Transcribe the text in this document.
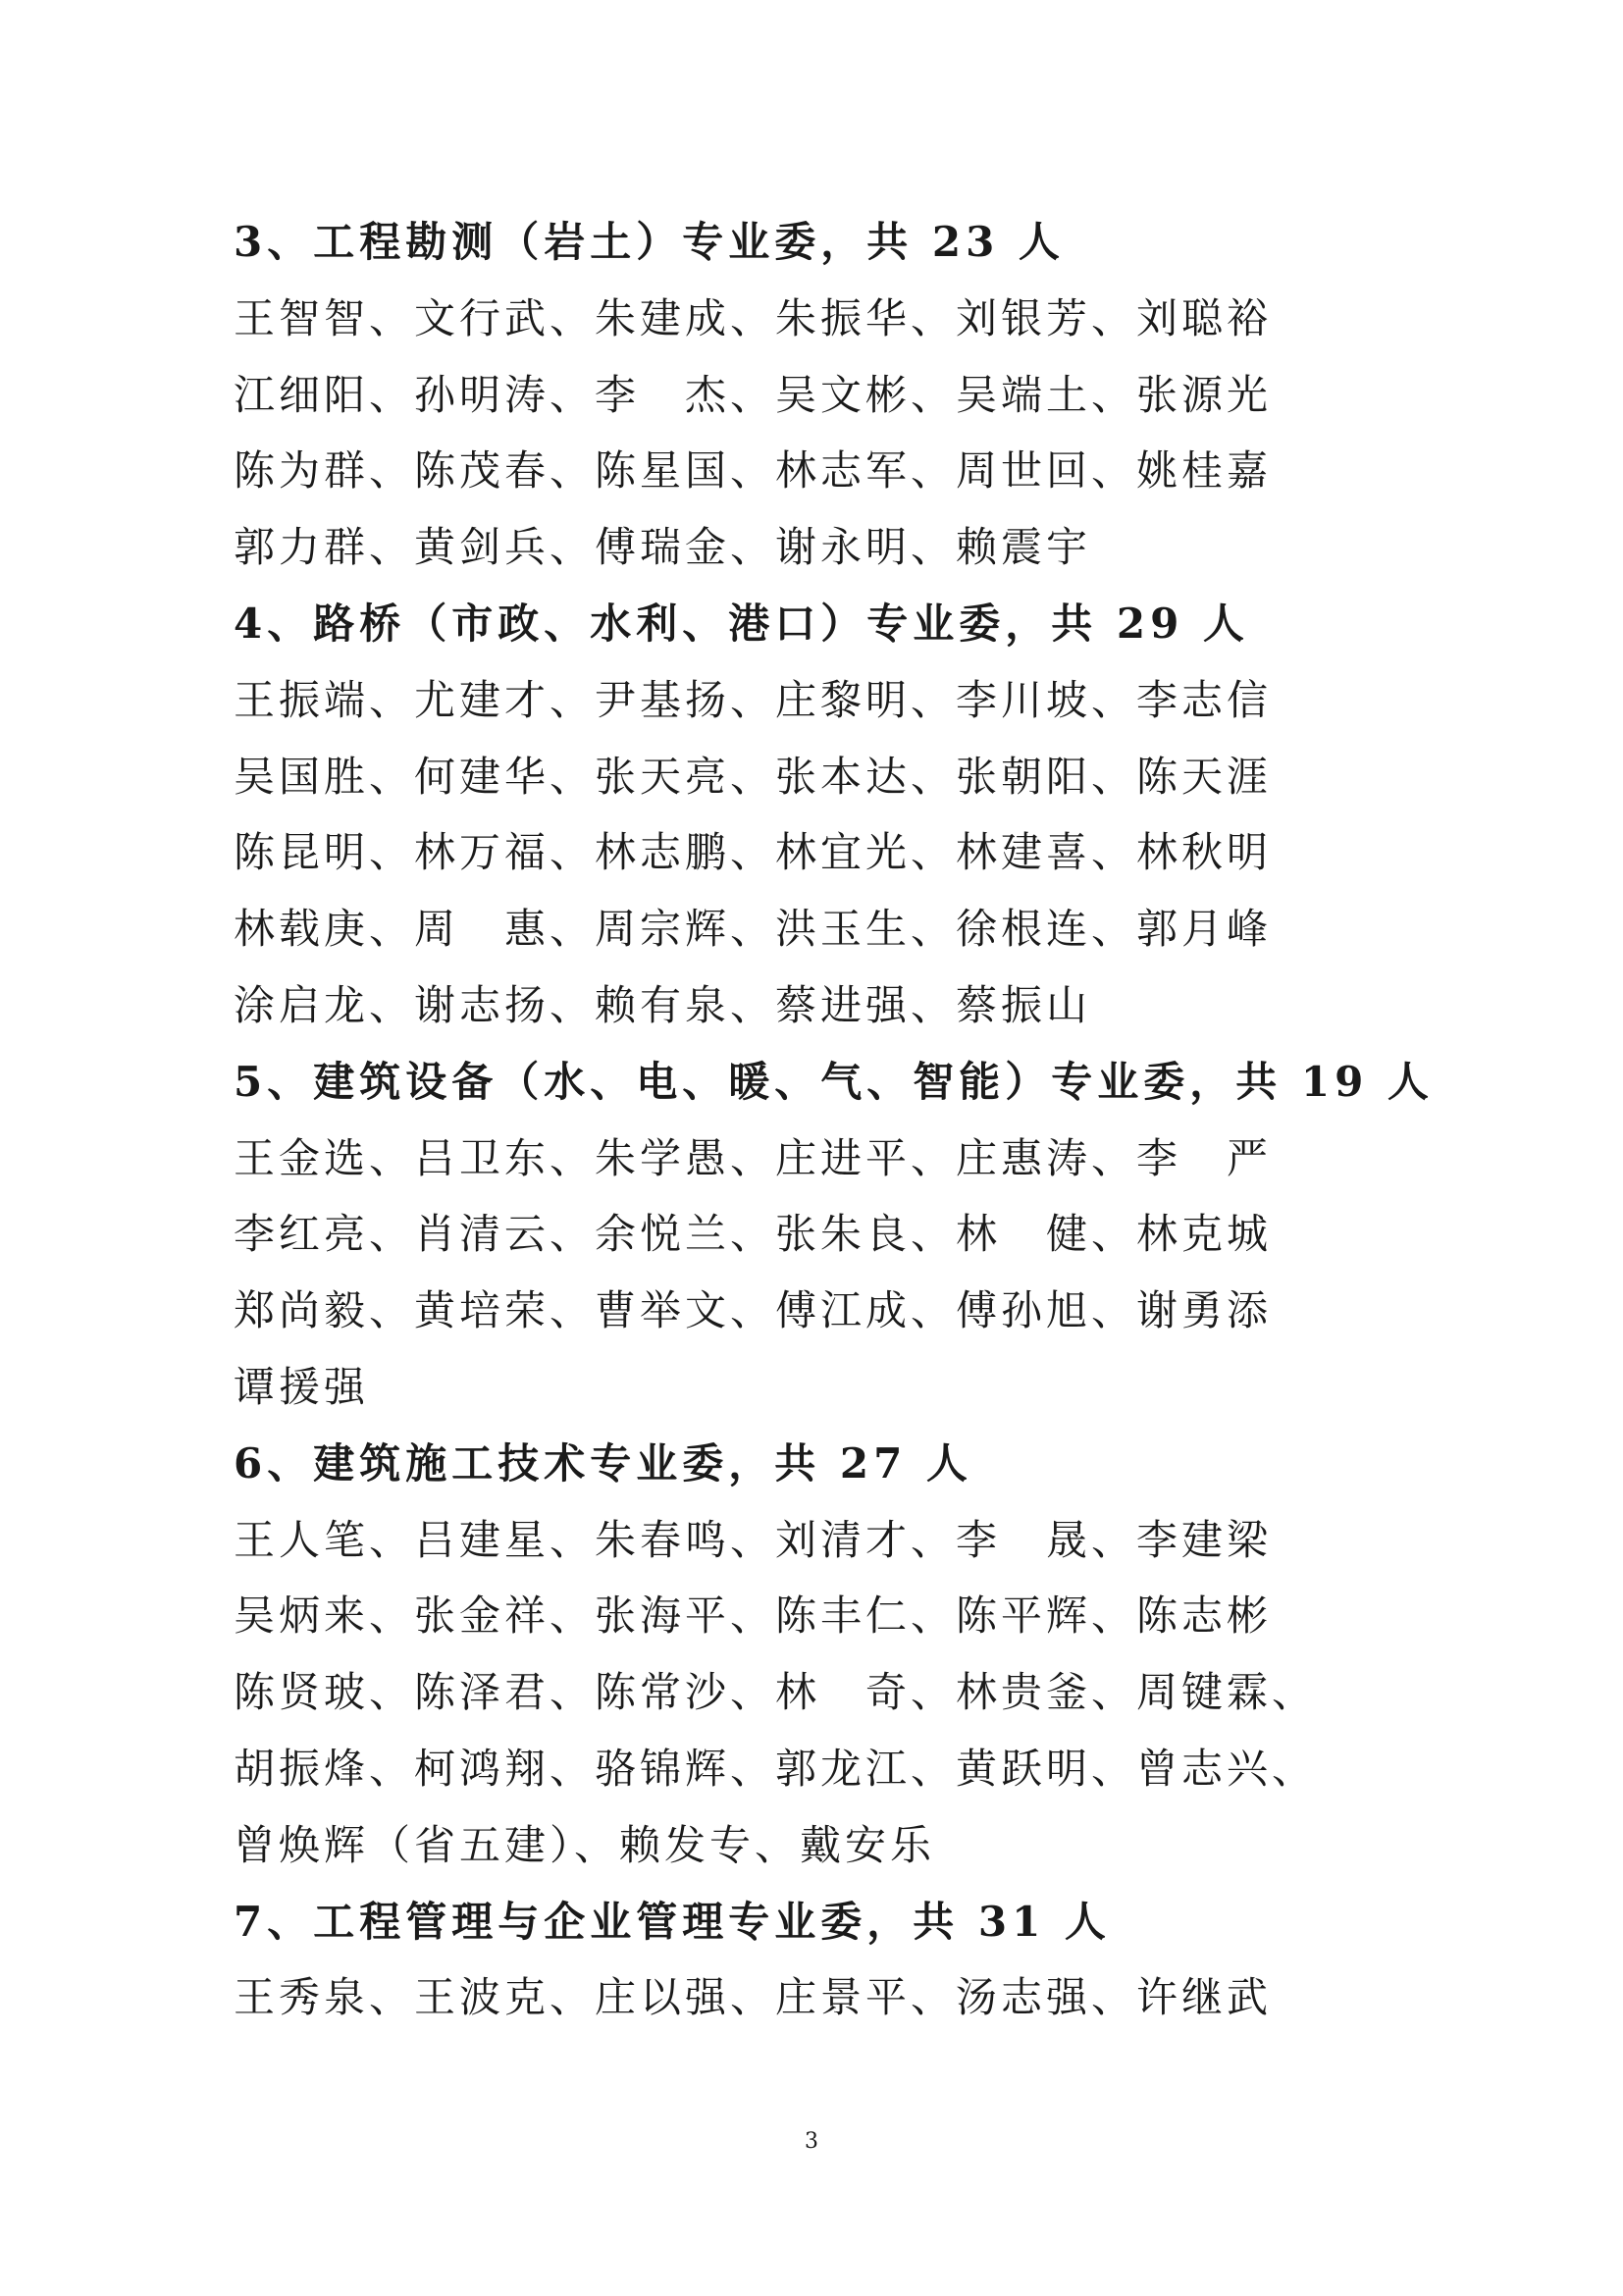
3、工程勘测（岩土）专业委，共 23 人
王智智、文行武、朱建成、朱振华、刘银芳、刘聪裕
江细阳、孙明涛、李　杰、吴文彬、吴端土、张源光
陈为群、陈茂春、陈星国、林志军、周世回、姚桂嘉
郭力群、黄剑兵、傅瑞金、谢永明、赖震宇
4、路桥（市政、水利、港口）专业委，共 29 人
王振端、尤建才、尹基扬、庄黎明、李川坡、李志信
吴国胜、何建华、张天亮、张本达、张朝阳、陈天涯
陈昆明、林万福、林志鹏、林宜光、林建喜、林秋明
林载庚、周　惠、周宗辉、洪玉生、徐根连、郭月峰
涂启龙、谢志扬、赖有泉、蔡进强、蔡振山
5、建筑设备（水、电、暖、气、智能）专业委，共 19 人
王金选、吕卫东、朱学愚、庄进平、庄惠涛、李　严
李红亮、肖清云、余悦兰、张朱良、林　健、林克城
郑尚毅、黄培荣、曹举文、傅江成、傅孙旭、谢勇添
谭援强
6、建筑施工技术专业委，共 27 人
王人笔、吕建星、朱春鸣、刘清才、李　晟、李建梁
吴炳来、张金祥、张海平、陈丰仁、陈平辉、陈志彬
陈贤玻、陈泽君、陈常沙、林　奇、林贵釜、周键霖、
胡振烽、柯鸿翔、骆锦辉、郭龙江、黄跃明、曾志兴、
曾焕辉（省五建）、赖发专、戴安乐
7、工程管理与企业管理专业委，共 31 人
王秀泉、王波克、庄以强、庄景平、汤志强、许继武
3
